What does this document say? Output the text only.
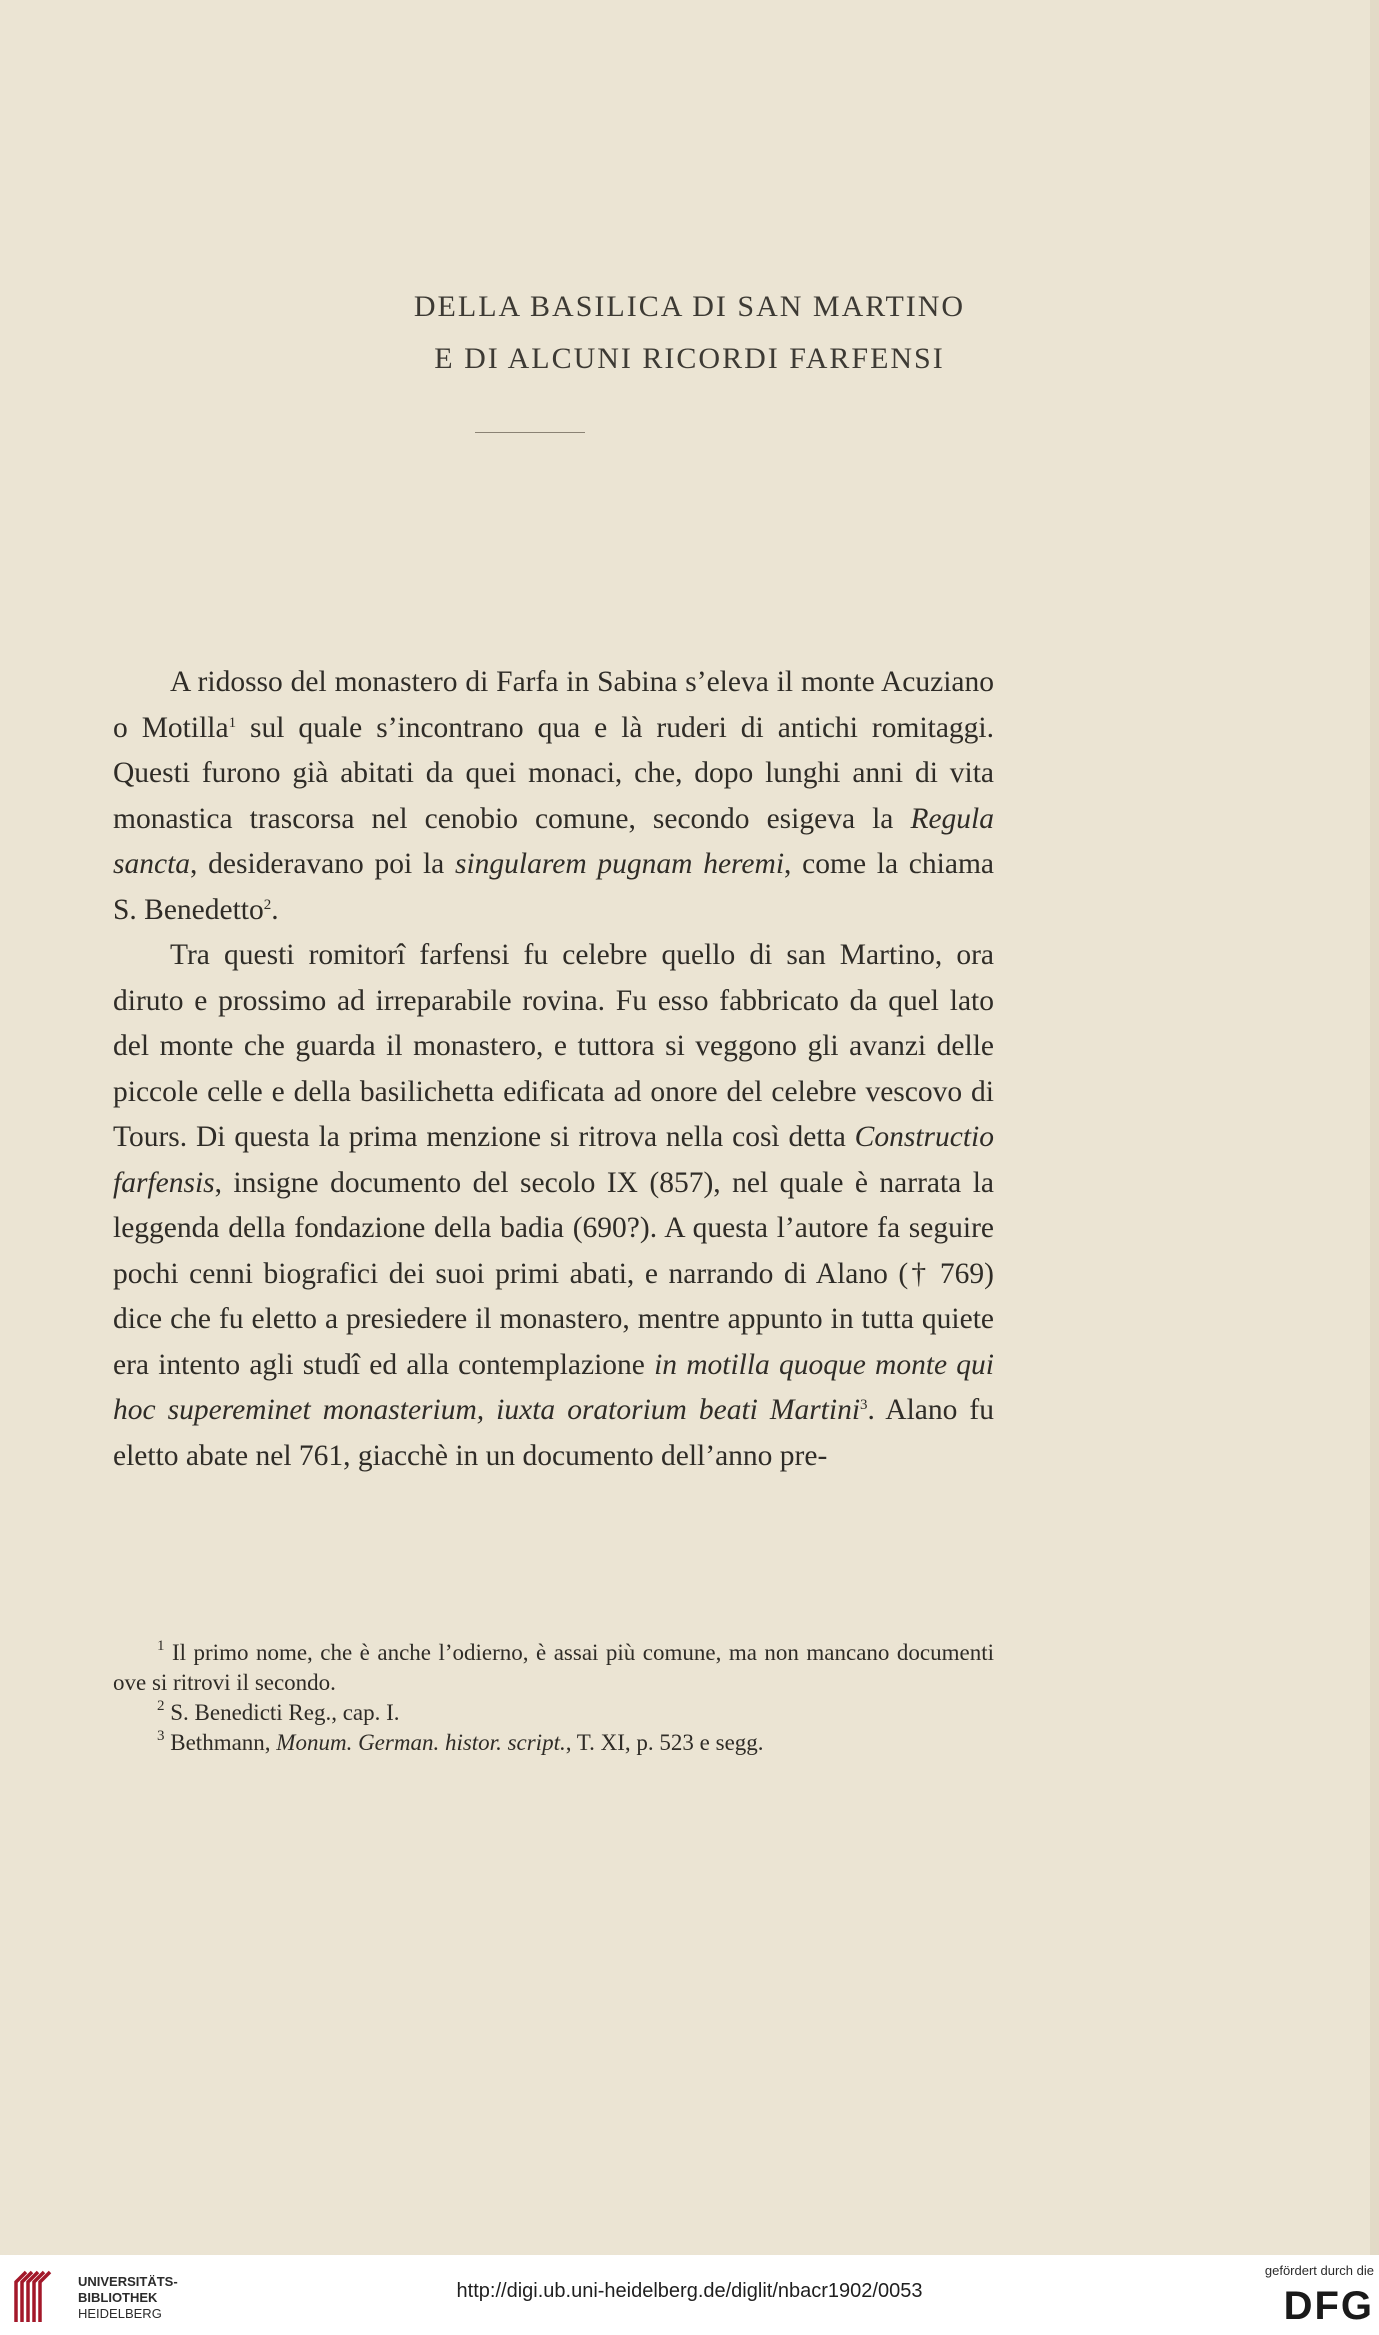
DELLA BASILICA DI SAN MARTINO
E DI ALCUNI RICORDI FARFENSI

A ridosso del monastero di Farfa in Sabina s’eleva il monte Acuziano o Motilla$^1$ sul quale s’incontrano qua e là ruderi di antichi romitaggi. Questi furono già abitati da quei monaci, che, dopo lunghi anni di vita monastica trascorsa nel cenobio comune, secondo esigeva la Regula sancta, desideravano poi la singularem pugnam heremi, come la chiama S. Benedetto$^2$.

Tra questi romitorî farfensi fu celebre quello di san Martino, ora diruto e prossimo ad irreparabile rovina. Fu esso fabbricato da quel lato del monte che guarda il monastero, e tuttora si veggono gli avanzi delle piccole celle e della basilichetta edificata ad onore del celebre vescovo di Tours. Di questa la prima menzione si ritrova nella così detta Constructio farfensis, insigne documento del secolo IX (857), nel quale è narrata la leggenda della fondazione della badia (690?). A questa l’autore fa seguire pochi cenni biografici dei suoi primi abati, e narrando di Alano († 769) dice che fu eletto a presiedere il monastero, mentre appunto in tutta quiete era intento agli studî ed alla contemplazione in motilla quoque monte qui hoc supereminet monasterium, iuxta oratorium beati Martini$^3$. Alano fu eletto abate nel 761, giacchè in un documento dell’anno pre-

$^1$ Il primo nome, che è anche l’odierno, è assai più comune, ma non mancano documenti ove si ritrovi il secondo.

$^2$ S. Benedicti Reg., cap. I.

$^3$ Bethmann, Monum. German. histor. script., T. XI, p. 523 e segg.

UNIVERSITÄTS-
BIBLIOTHEK
HEIDELBERG
http://digi.ub.uni-heidelberg.de/diglit/nbacr1902/0053
gefördert durch die
DFG
